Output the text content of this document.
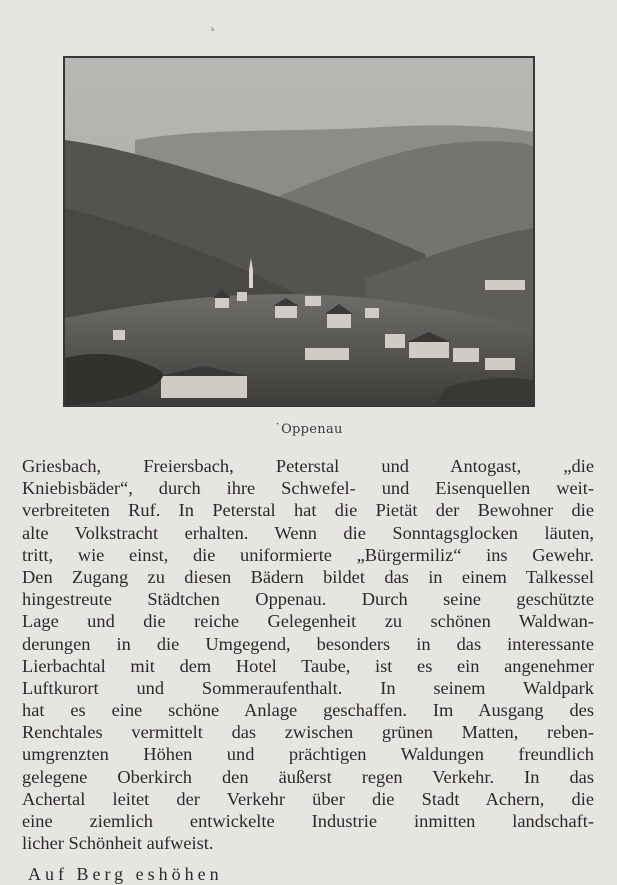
s
˙Oppenau
Griesbach, Freiersbach, Peterstal und Antogast, „die
Kniebisbäder“, durch ihre Schwefel- und Eisenquellen weit-
verbreiteten Ruf. In Peterstal hat die Pietät der Bewohner die
alte Volkstracht erhalten. Wenn die Sonntagsglocken läuten,
tritt, wie einst, die uniformierte „Bürgermiliz“ ins Gewehr.
Den Zugang zu diesen Bädern bildet das in einem Talkessel
hingestreute Städtchen Oppenau. Durch seine geschützte
Lage und die reiche Gelegenheit zu schönen Waldwan-
derungen in die Umgegend, besonders in das interessante
Lierbachtal mit dem Hotel Taube, ist es ein angenehmer
Luftkurort und Sommeraufenthalt. In seinem Waldpark
hat es eine schöne Anlage geschaffen. Im Ausgang des
Renchtales vermittelt das zwischen grünen Matten, reben-
umgrenzten Höhen und prächtigen Waldungen freundlich
gelegene Oberkirch den äußerst regen Verkehr. In das
Achertal leitet der Verkehr über die Stadt Achern, die
eine ziemlich entwickelte Industrie inmitten landschaft-
licher Schönheit aufweist.
Auf Berg eshöhen
